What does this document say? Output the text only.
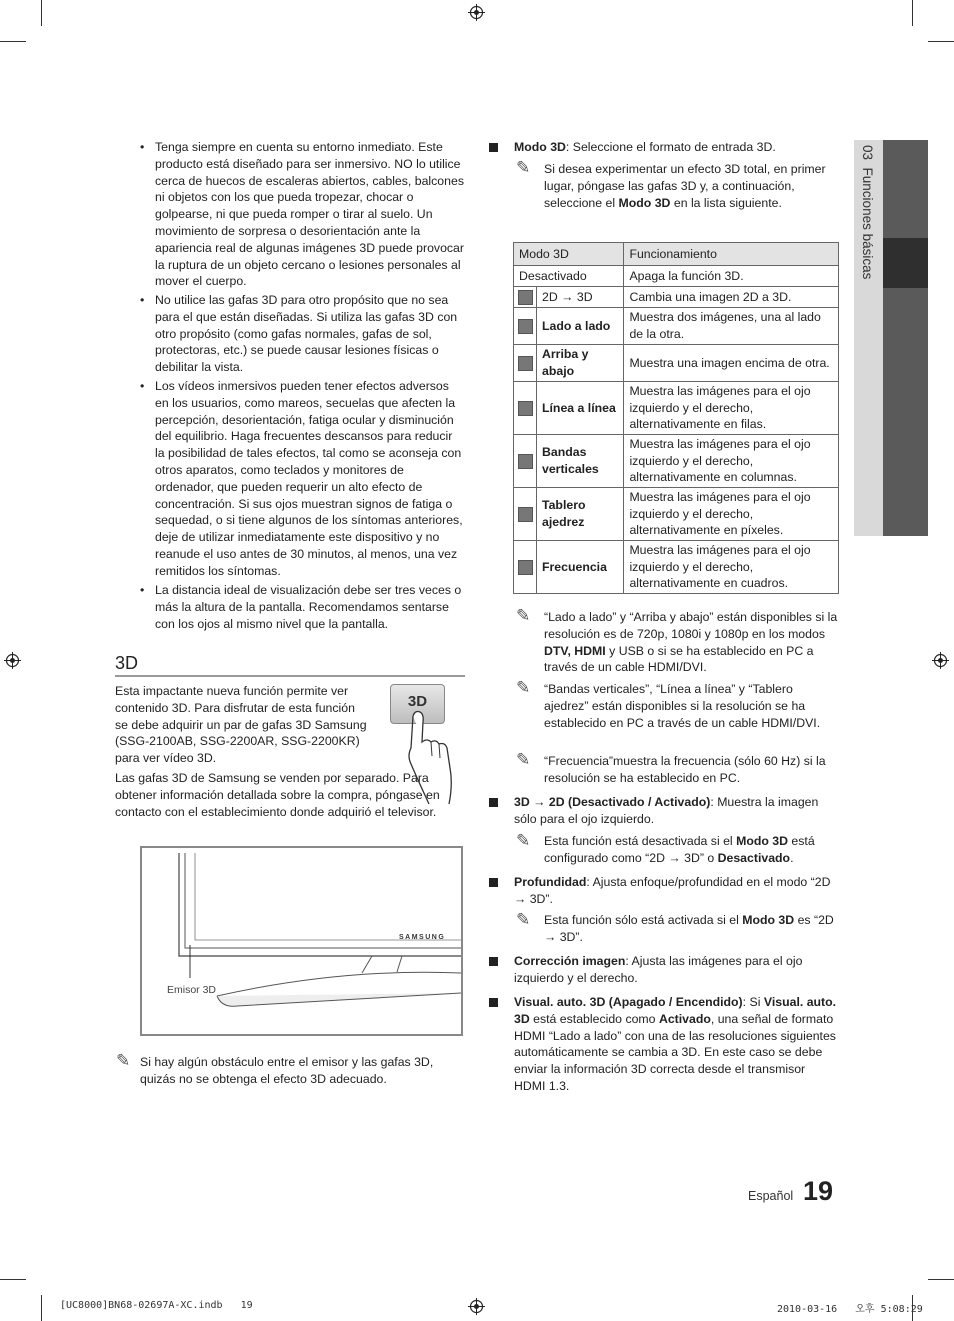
03  Funciones básicas
• Tenga siempre en cuenta su entorno inmediato. Este producto está diseñado para ser inmersivo. NO lo utilice cerca de huecos de escaleras abiertos, cables, balcones ni objetos con los que pueda tropezar, chocar o golpearse, ni que pueda romper o tirar al suelo. Un movimiento de sorpresa o desorientación ante la apariencia real de algunas imágenes 3D puede provocar la ruptura de un objeto cercano o lesiones personales al mover el cuerpo.
• No utilice las gafas 3D para otro propósito que no sea para el que están diseñadas. Si utiliza las gafas 3D con otro propósito (como gafas normales, gafas de sol, protectoras, etc.) se puede causar lesiones físicas o debilitar la vista.
• Los vídeos inmersivos pueden tener efectos adversos en los usuarios, como mareos, secuelas que afecten la percepción, desorientación, fatiga ocular y disminución del equilibrio. Haga frecuentes descansos para reducir la posibilidad de tales efectos, tal como se aconseja con otros aparatos, como teclados y monitores de ordenador, que pueden requerir un alto efecto de concentración. Si sus ojos muestran signos de fatiga o sequedad, o si tiene algunos de los síntomas anteriores, deje de utilizar inmediatamente este dispositivo y no reanude el uso antes de 30 minutos, al menos, una vez remitidos los síntomas.
• La distancia ideal de visualización debe ser tres veces o más la altura de la pantalla. Recomendamos sentarse con los ojos al mismo nivel que la pantalla.
3D
Esta impactante nueva función permite ver contenido 3D. Para disfrutar de esta función se debe adquirir un par de gafas 3D Samsung (SSG-2100AB, SSG-2200AR, SSG-2200KR) para ver vídeo 3D.
Las gafas 3D de Samsung se venden por separado. Para obtener información detallada sobre la compra, póngase en contacto con el establecimiento donde adquirió el televisor.
3D
SAMSUNG
Emisor 3D
✎ Si hay algún obstáculo entre el emisor y las gafas 3D, quizás no se obtenga el efecto 3D adecuado.
Modo 3D: Seleccione el formato de entrada 3D.
✎ Si desea experimentar un efecto 3D total, en primer lugar, póngase las gafas 3D y, a continuación, seleccione el Modo 3D en la lista siguiente.
Modo 3D		Funcionamiento
Desactivado		Apaga la función 3D.
	2D → 3D	Cambia una imagen 2D a 3D.
	Lado a lado	Muestra dos imágenes, una al lado de la otra.
	Arriba y abajo	Muestra una imagen encima de otra.
	Línea a línea	Muestra las imágenes para el ojo izquierdo y el derecho, alternativamente en filas.
	Bandas verticales	Muestra las imágenes para el ojo izquierdo y el derecho, alternativamente en columnas.
	Tablero ajedrez	Muestra las imágenes para el ojo izquierdo y el derecho, alternativamente en píxeles.
	Frecuencia	Muestra las imágenes para el ojo izquierdo y el derecho, alternativamente en cuadros.
✎ “Lado a lado” y “Arriba y abajo” están disponibles si la resolución es de 720p, 1080i y 1080p en los modos DTV, HDMI y USB o si se ha establecido en PC a través de un cable HDMI/DVI.
✎ “Bandas verticales”, “Línea a línea” y “Tablero ajedrez” están disponibles si la resolución se ha establecido en PC a través de un cable HDMI/DVI.
✎ “Frecuencia”muestra la frecuencia (sólo 60 Hz) si la resolución se ha establecido en PC.
3D → 2D (Desactivado / Activado): Muestra la imagen sólo para el ojo izquierdo.
✎ Esta función está desactivada si el Modo 3D está configurado como “2D → 3D” o Desactivado.
Profundidad: Ajusta enfoque/profundidad en el modo “2D → 3D”.
✎ Esta función sólo está activada si el Modo 3D es “2D → 3D”.
Corrección imagen: Ajusta las imágenes para el ojo izquierdo y el derecho.
Visual. auto. 3D (Apagado / Encendido): Si Visual. auto. 3D está establecido como Activado, una señal de formato HDMI “Lado a lado” con una de las resoluciones siguientes automáticamente se cambia a 3D. En este caso se debe enviar la información 3D correcta desde el transmisor HDMI 1.3.
Español 19
[UC8000]BN68-02697A-XC.indb   19	2010-03-16   오후 5:08:29
